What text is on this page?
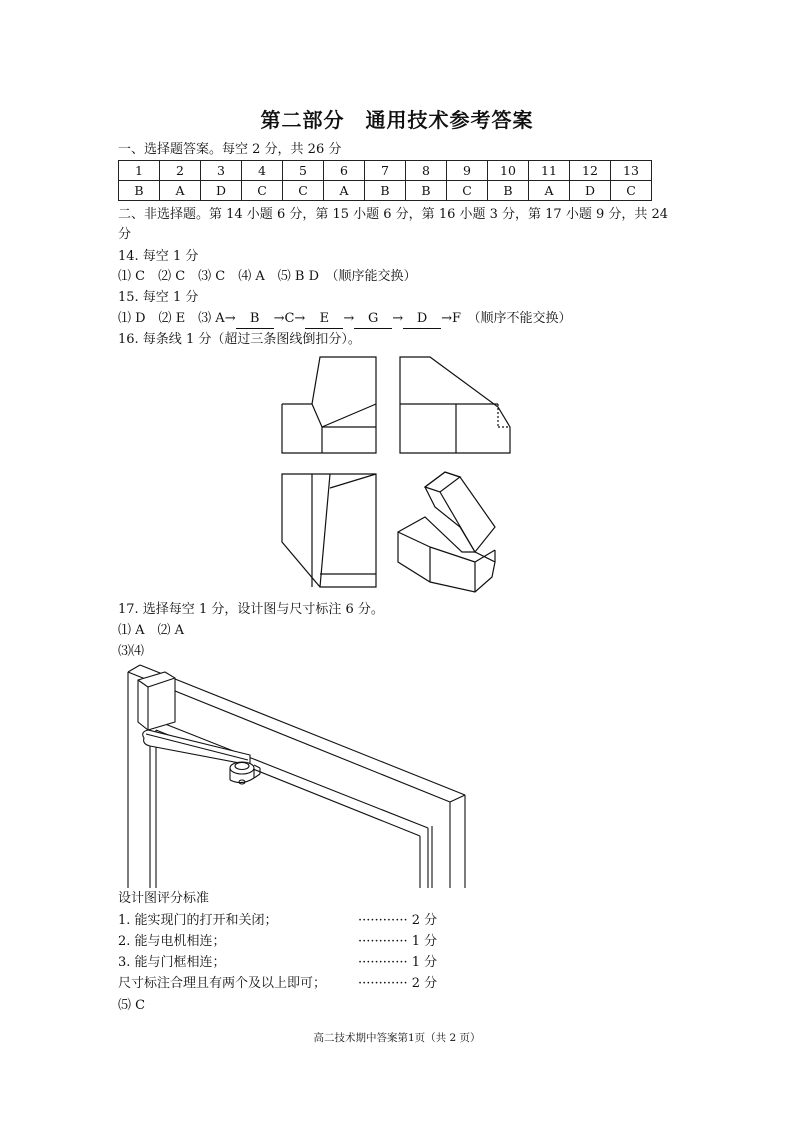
第二部分　通用技术参考答案
一、选择题答案。每空 2 分，共 26 分
1	2	3	4	5	6	7	8	9	10	11	12	13
B	A	D	C	C	A	B	B	C	B	A	D	C
二、非选择题。第 14 小题 6 分，第 15 小题 6 分，第 16 小题 3 分，第 17 小题 9 分，共 24
分
14. 每空 1 分
⑴ C　⑵ C　⑶ C　⑷ A　⑸ B D　（顺序能交换）
15. 每空 1 分
⑴ D　⑵ E　⑶ A→ B →C→ E → G → D →F　（顺序不能交换）
16. 每条线 1 分（超过三条图线倒扣分）。
17. 选择每空 1 分，设计图与尺寸标注 6 分。
⑴ A　⑵ A
⑶⑷
设计图评分标准
1. 能实现门的打开和关闭；	············ 2 分
2. 能与电机相连；	············ 1 分
3. 能与门框相连；	············ 1 分
尺寸标注合理且有两个及以上即可； ············ 2 分
⑸ C
高二技术期中答案第1页（共 2 页）
